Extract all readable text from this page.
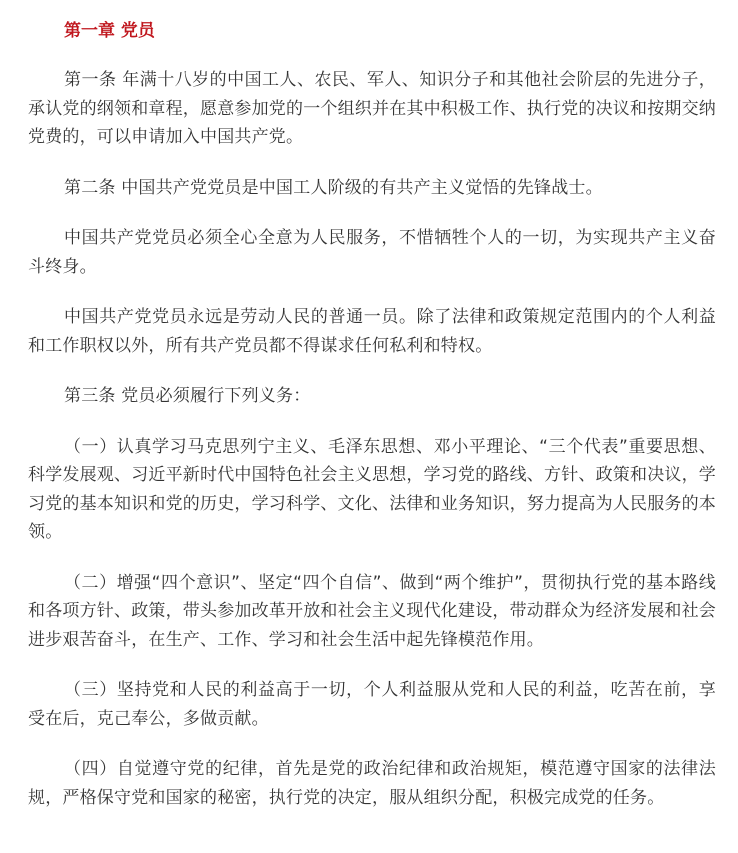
第一章 党员

第一条 年满十八岁的中国工人、农民、军人、知识分子和其他社会阶层的先进分子，承认党的纲领和章程，愿意参加党的一个组织并在其中积极工作、执行党的决议和按期交纳党费的，可以申请加入中国共产党。

第二条 中国共产党党员是中国工人阶级的有共产主义觉悟的先锋战士。

中国共产党党员必须全心全意为人民服务，不惜牺牲个人的一切，为实现共产主义奋斗终身。

中国共产党党员永远是劳动人民的普通一员。除了法律和政策规定范围内的个人利益和工作职权以外，所有共产党员都不得谋求任何私利和特权。

第三条 党员必须履行下列义务：

（一）认真学习马克思列宁主义、毛泽东思想、邓小平理论、“三个代表”重要思想、科学发展观、习近平新时代中国特色社会主义思想，学习党的路线、方针、政策和决议，学习党的基本知识和党的历史，学习科学、文化、法律和业务知识，努力提高为人民服务的本领。

（二）增强“四个意识”、坚定“四个自信”、做到“两个维护”，贯彻执行党的基本路线和各项方针、政策，带头参加改革开放和社会主义现代化建设，带动群众为经济发展和社会进步艰苦奋斗，在生产、工作、学习和社会生活中起先锋模范作用。

（三）坚持党和人民的利益高于一切，个人利益服从党和人民的利益，吃苦在前，享受在后，克己奉公，多做贡献。

（四）自觉遵守党的纪律，首先是党的政治纪律和政治规矩，模范遵守国家的法律法规，严格保守党和国家的秘密，执行党的决定，服从组织分配，积极完成党的任务。
